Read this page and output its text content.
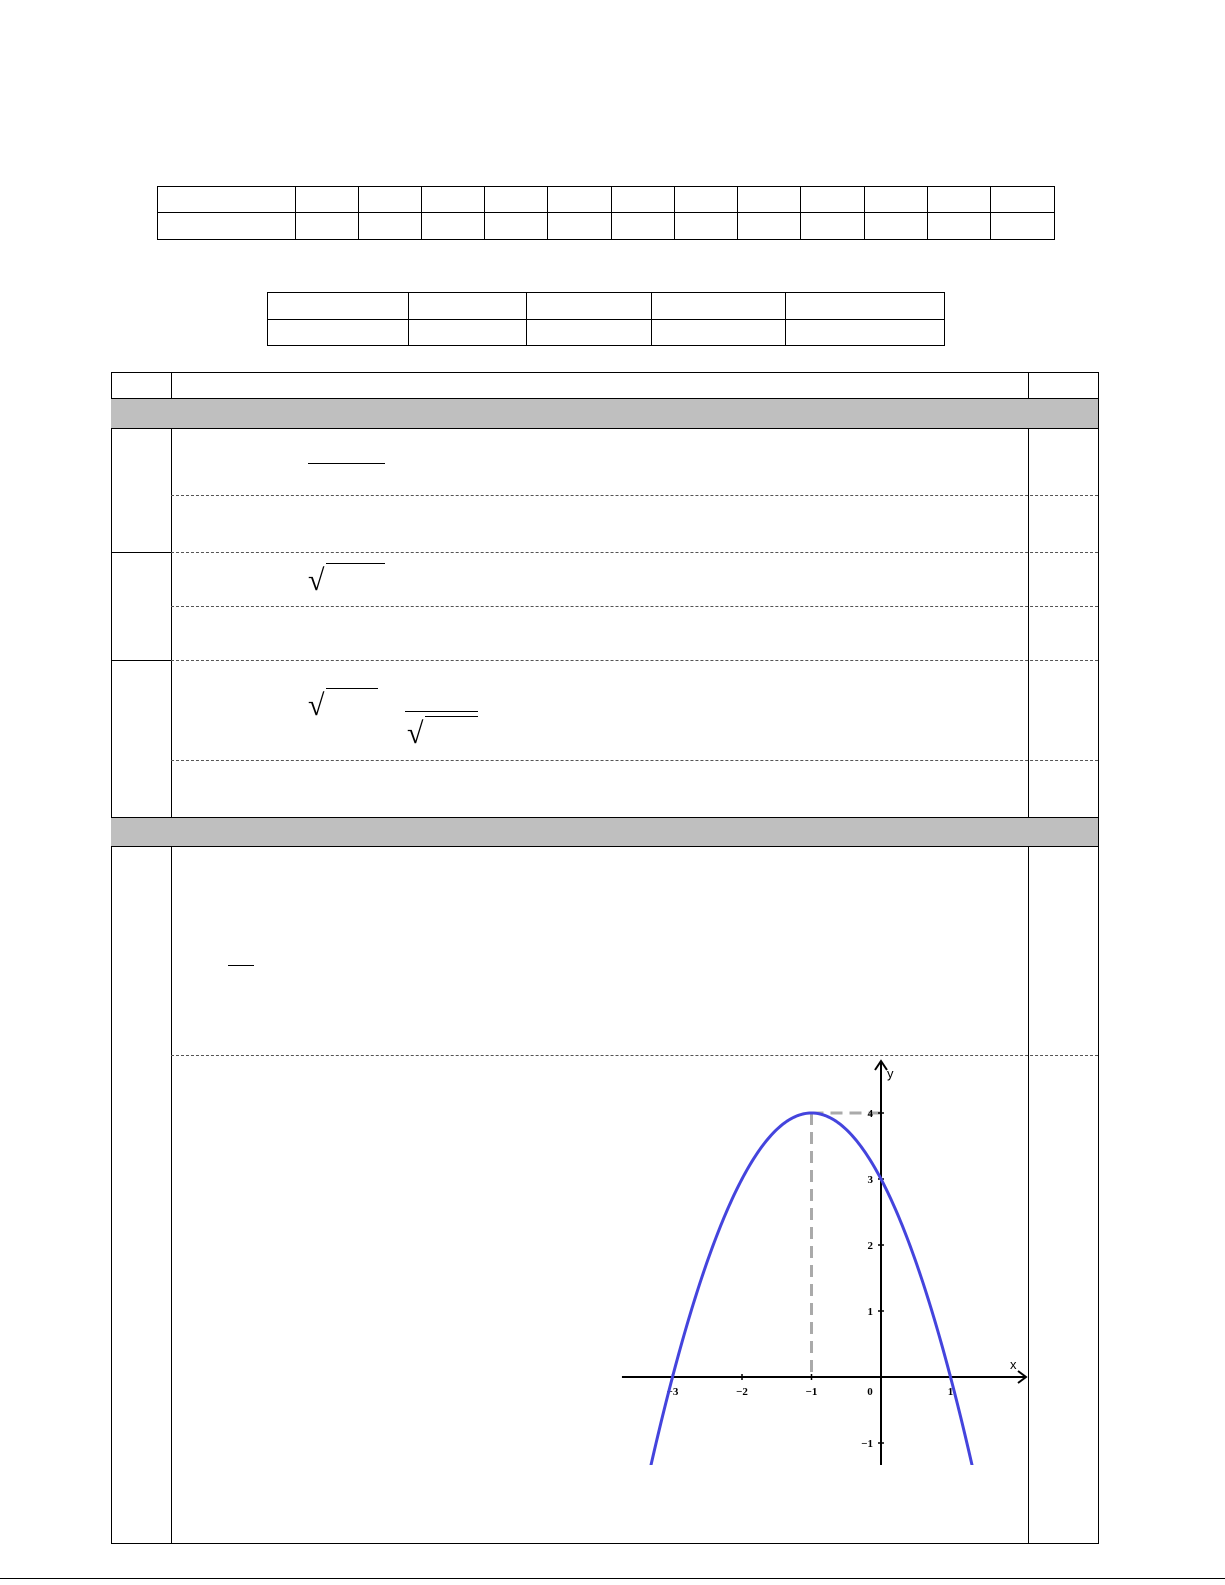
√
√
√
−3	−2	−1	0	1
4
3
2
1
−1
x
y
